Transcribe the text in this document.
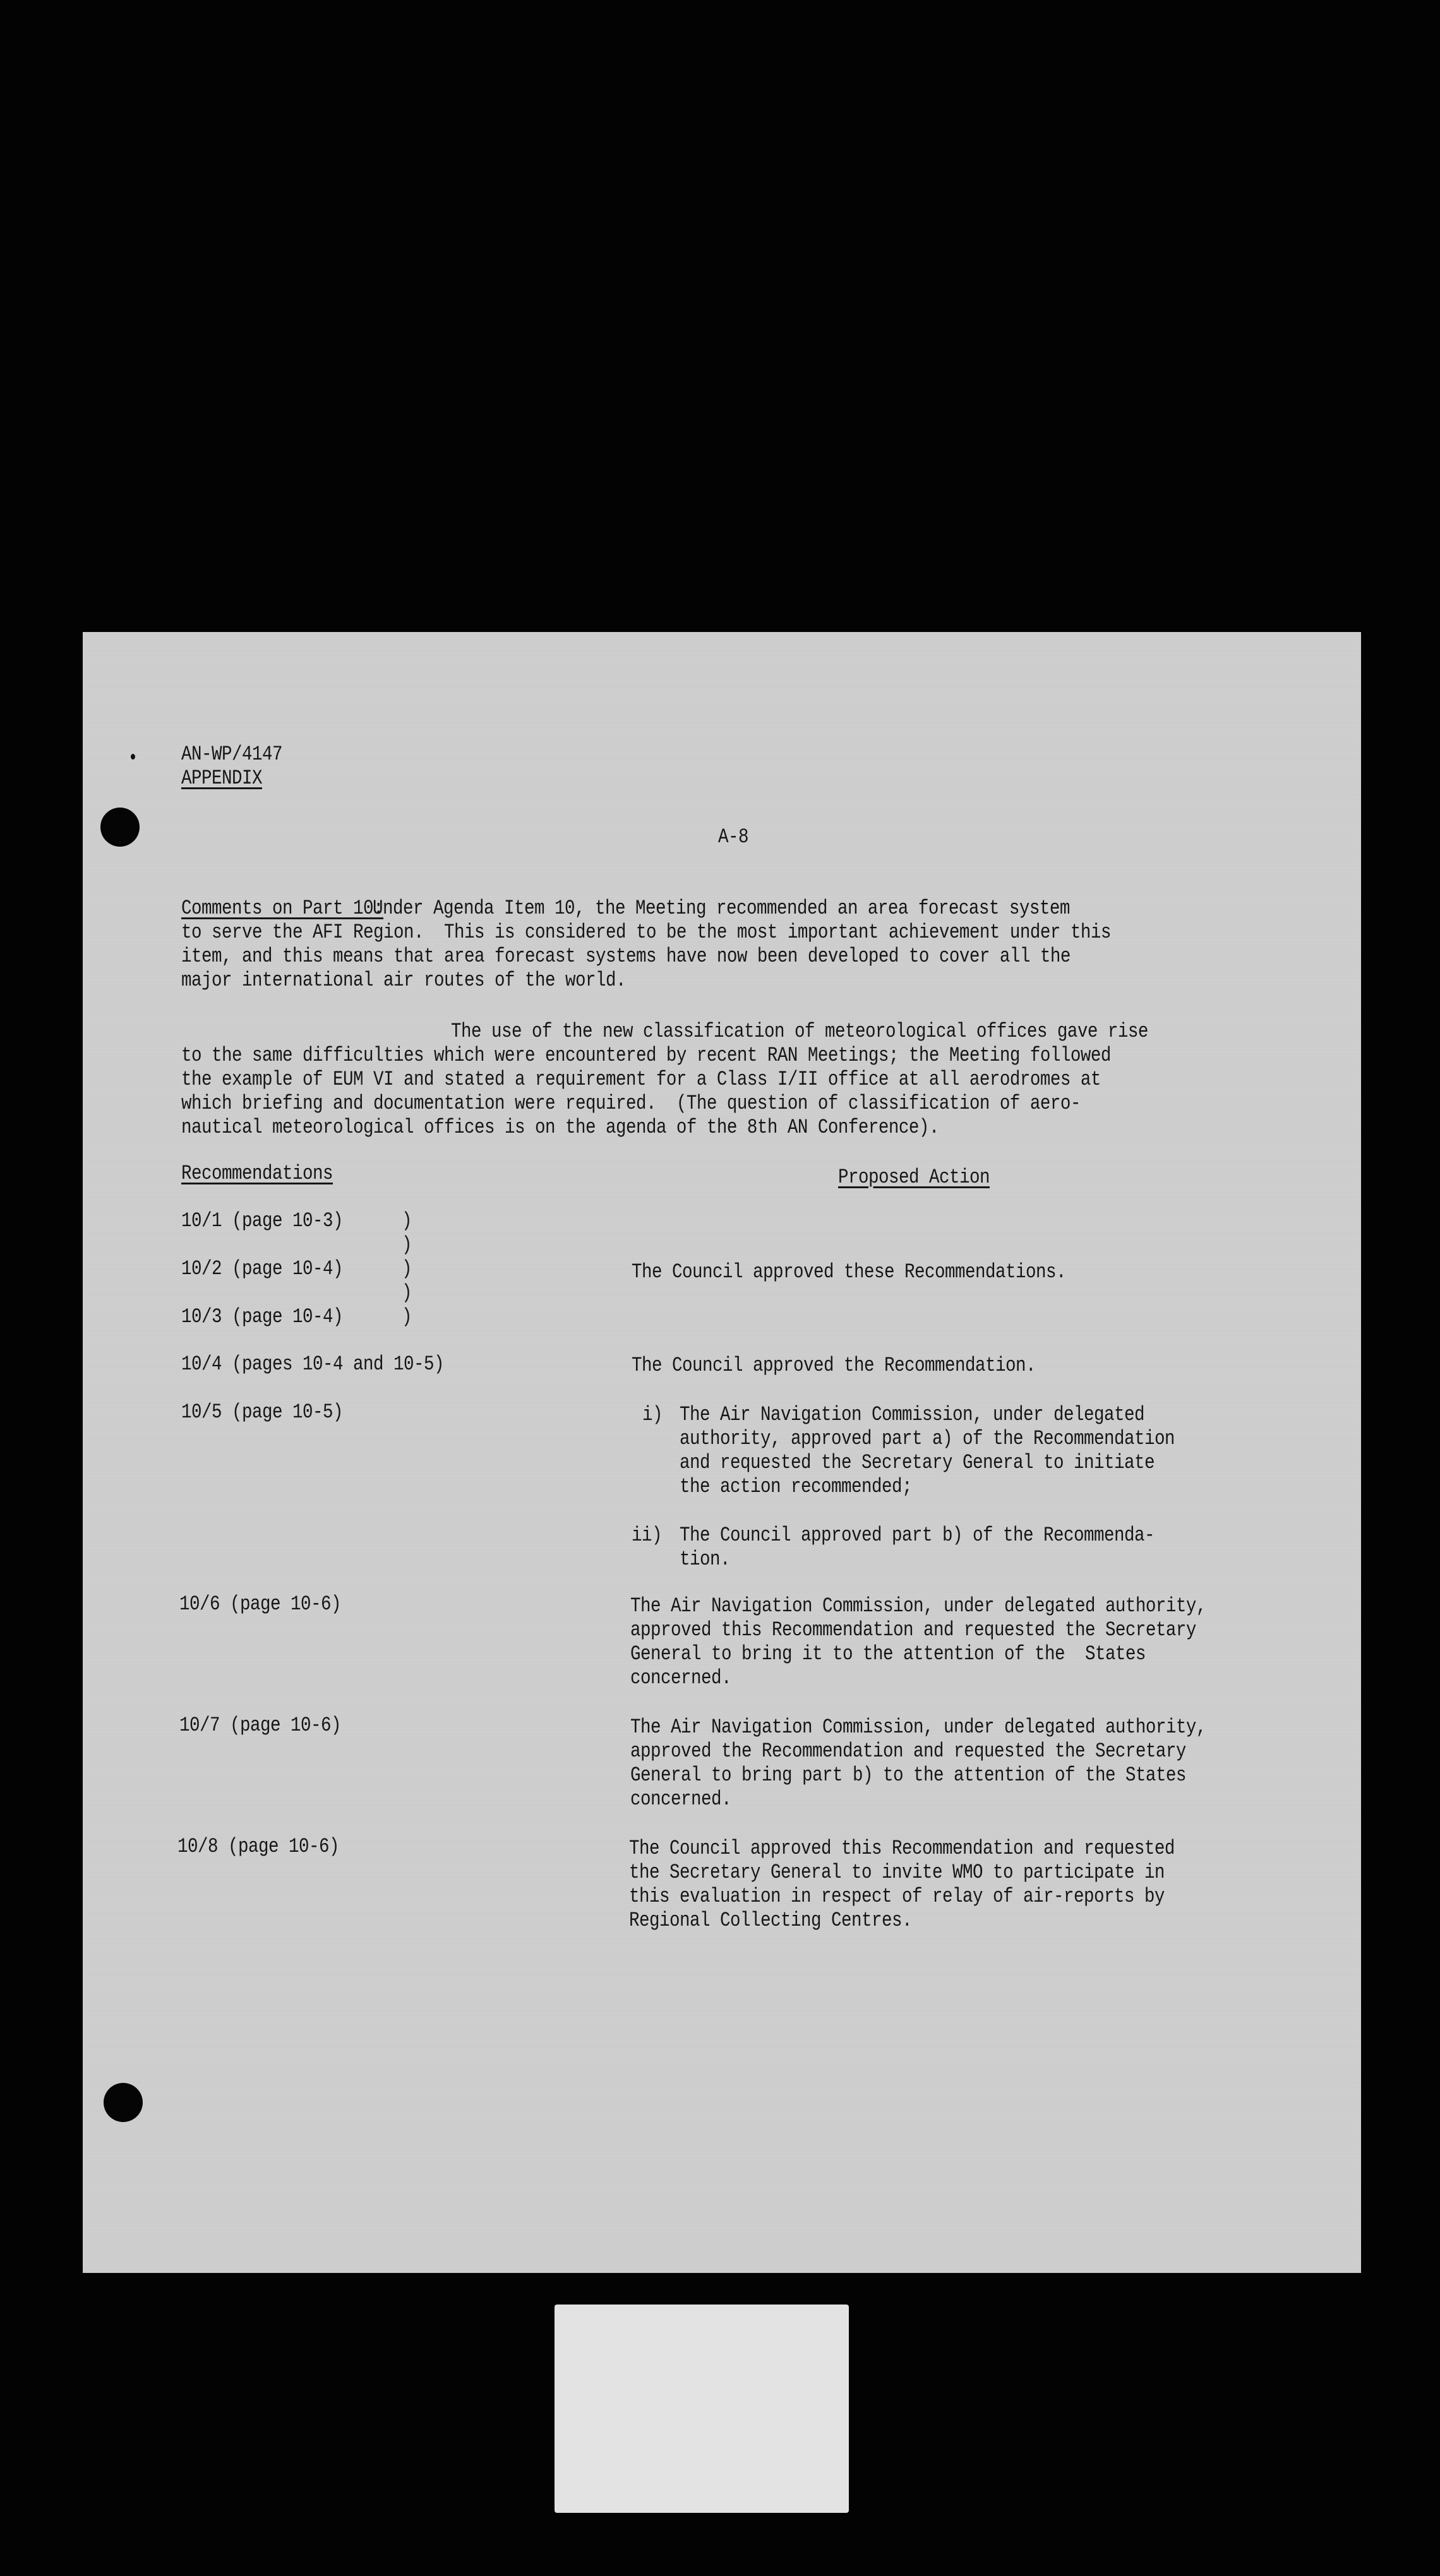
AN-WP/4147
APPENDIX
A-8
Comments on Part 10:
Under Agenda Item 10, the Meeting recommended an area forecast system
to serve the AFI Region.  This is considered to be the most important achievement under this
item, and this means that area forecast systems have now been developed to cover all the
major international air routes of the world.
The use of the new classification of meteorological offices gave rise
to the same difficulties which were encountered by recent RAN Meetings; the Meeting followed
the example of EUM VI and stated a requirement for a Class I/II office at all aerodromes at
which briefing and documentation were required.  (The question of classification of aero-
nautical meteorological offices is on the agenda of the 8th AN Conference).
Recommendations	Proposed Action
10/1 (page 10-3)	)
)
10/2 (page 10-4)	)
)
10/3 (page 10-4)	)
The Council approved these Recommendations.
10/4 (pages 10-4 and 10-5)	The Council approved the Recommendation.
10/5 (page 10-5)	i) The Air Navigation Commission, under delegated
authority, approved part a) of the Recommendation
and requested the Secretary General to initiate
the action recommended;
ii) The Council approved part b) of the Recommenda-
tion.
10/6 (page 10-6)	The Air Navigation Commission, under delegated authority,
approved this Recommendation and requested the Secretary
General to bring it to the attention of the  States
concerned.
10/7 (page 10-6)	The Air Navigation Commission, under delegated authority,
approved the Recommendation and requested the Secretary
General to bring part b) to the attention of the States
concerned.
10/8 (page 10-6)	The Council approved this Recommendation and requested
the Secretary General to invite WMO to participate in
this evaluation in respect of relay of air-reports by
Regional Collecting Centres.
